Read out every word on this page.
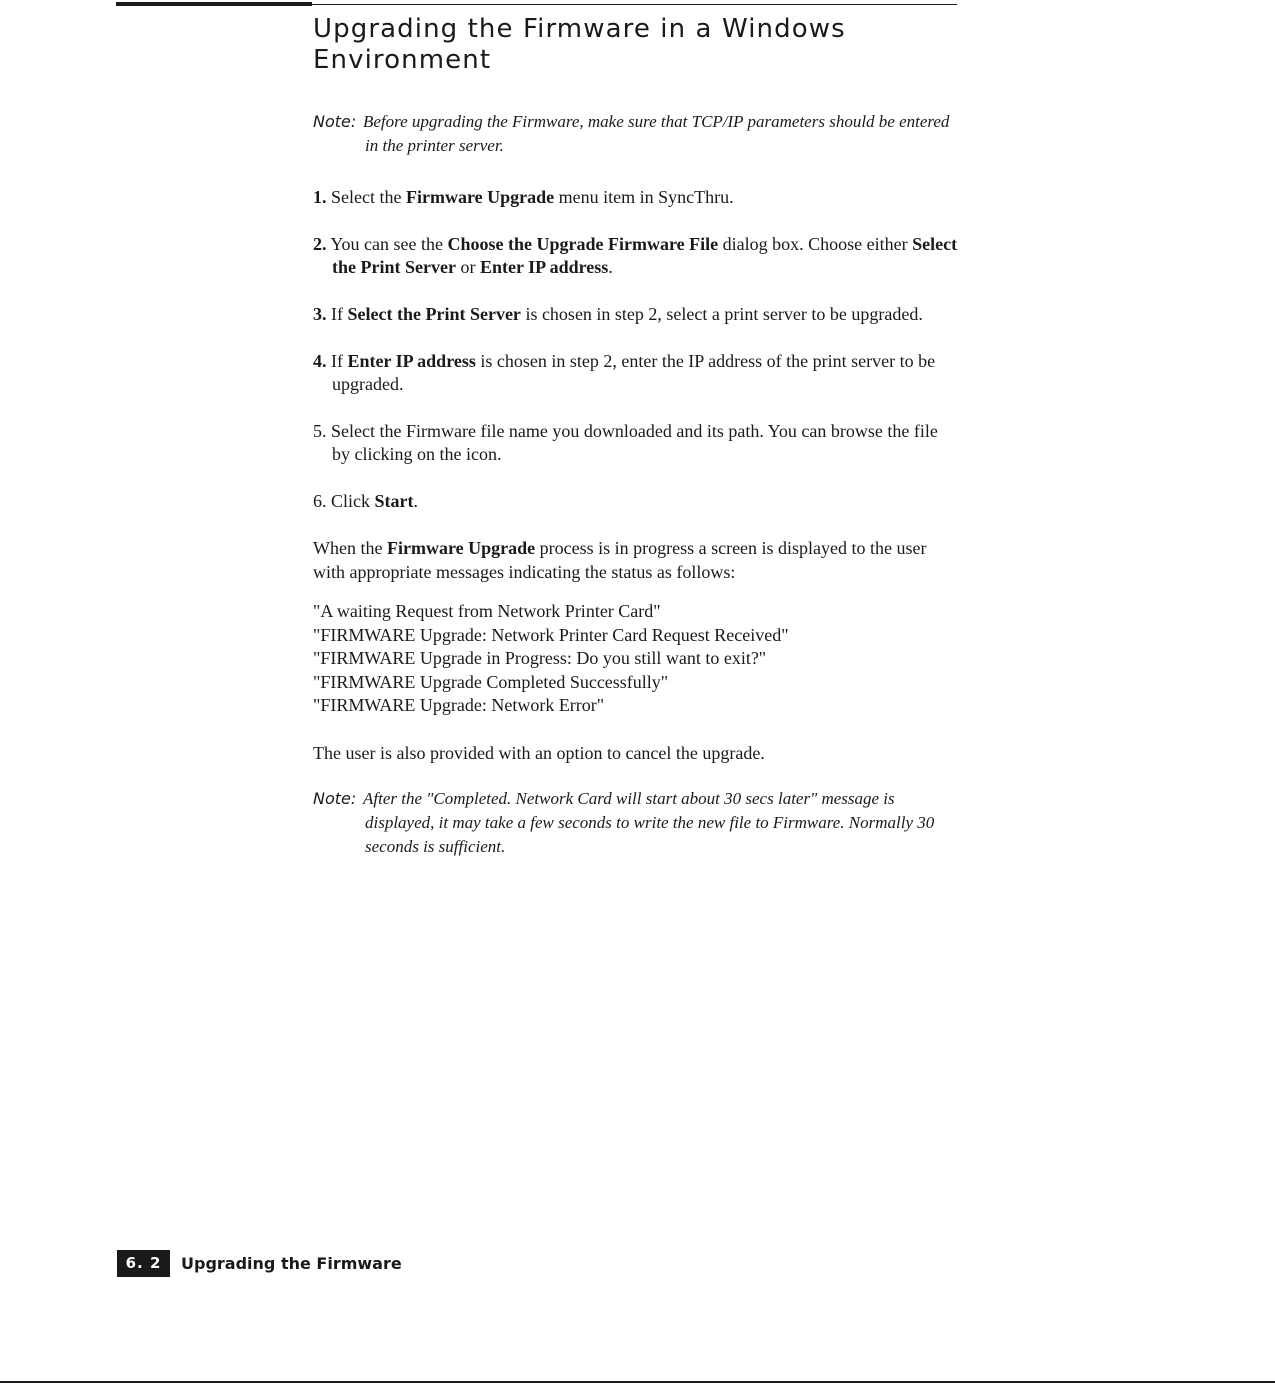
Upgrading the Firmware in a Windows
Environment

Note: Before upgrading the Firmware, make sure that TCP/IP parameters should be entered in the printer server.

1. Select the Firmware Upgrade menu item in SyncThru.
2. You can see the Choose the Upgrade Firmware File dialog box. Choose either Select the Print Server or Enter IP address.
3. If Select the Print Server is chosen in step 2, select a print server to be upgraded.
4. If Enter IP address is chosen in step 2, enter the IP address of the print server to be upgraded.
5. Select the Firmware file name you downloaded and its path. You can browse the file by clicking on the icon.
6. Click Start.

When the Firmware Upgrade process is in progress a screen is displayed to the user with appropriate messages indicating the status as follows:

"A waiting Request from Network Printer Card"
"FIRMWARE Upgrade: Network Printer Card Request Received"
"FIRMWARE Upgrade in Progress: Do you still want to exit?"
"FIRMWARE Upgrade Completed Successfully"
"FIRMWARE Upgrade: Network Error"

The user is also provided with an option to cancel the upgrade.

Note: After the "Completed. Network Card will start about 30 secs later" message is displayed, it may take a few seconds to write the new file to Firmware. Normally 30 seconds is sufficient.

6. 2	Upgrading the Firmware
